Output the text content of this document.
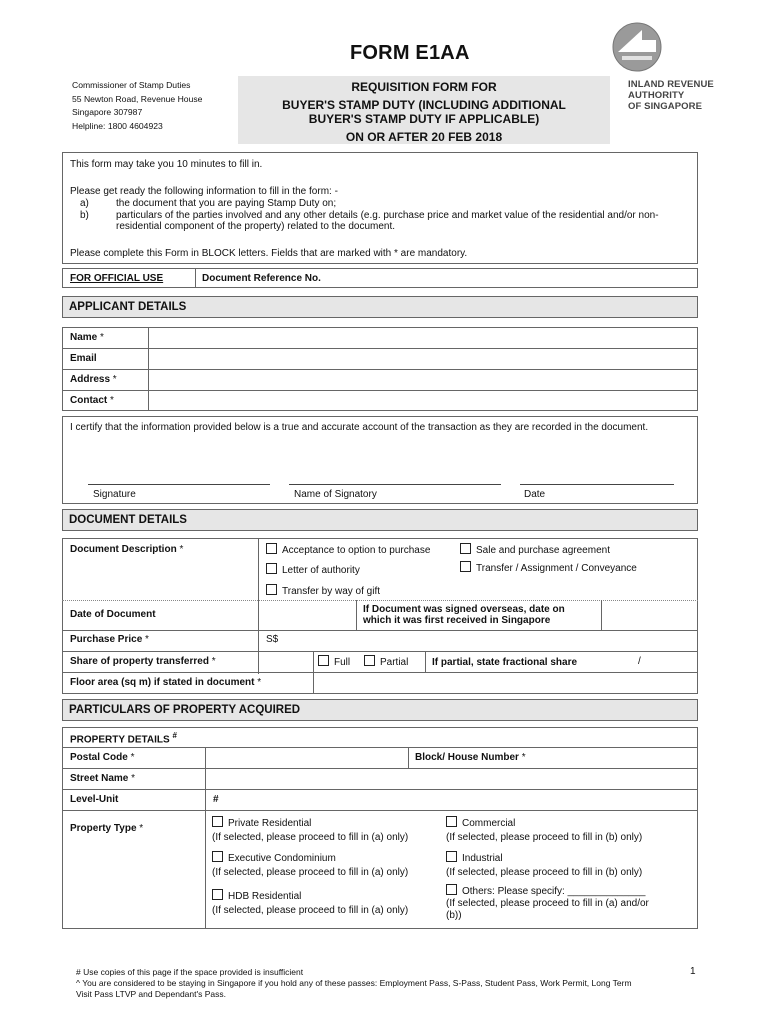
FORM E1AA
Commissioner of Stamp Duties
55 Newton Road, Revenue House
Singapore 307987
Helpline: 1800 4604923
REQUISITION FORM FOR
BUYER'S STAMP DUTY (INCLUDING ADDITIONAL
BUYER'S STAMP DUTY IF APPLICABLE)
ON OR AFTER 20 FEB 2018
INLAND REVENUE
AUTHORITY
OF SINGAPORE
This form may take you 10 minutes to fill in.
Please get ready the following information to fill in the form: -
a)	the document that you are paying Stamp Duty on;
b)	particulars of the parties involved and any other details (e.g. purchase price and market value of the residential and/or non-
residential component of the property) related to the document.
Please complete this Form in BLOCK letters. Fields that are marked with * are mandatory.
FOR OFFICIAL USE	Document Reference No.
APPLICANT DETAILS
Name *
Email
Address *
Contact *
I certify that the information provided below is a true and accurate account of the transaction as they are recorded in the document.
Signature	Name of Signatory	Date
DOCUMENT DETAILS
Document Description *	Acceptance to option to purchase	Sale and purchase agreement
Letter of authority	Transfer / Assignment / Conveyance
Transfer by way of gift
Date of Document	If Document was signed overseas, date on
which it was first received in Singapore
Purchase Price *	S$
Share of property transferred *	Full	Partial If partial, state fractional share	/
Floor area (sq m) if stated in document *
PARTICULARS OF PROPERTY ACQUIRED
PROPERTY DETAILS #
Postal Code *	Block/ House Number *
Street Name *
Level-Unit	#
Property Type *	Private Residential
(If selected, please proceed to fill in (a) only)
Commercial
(If selected, please proceed to fill in (b) only)
Executive Condominium
(If selected, please proceed to fill in (a) only)
Industrial
(If selected, please proceed to fill in (b) only)
HDB Residential
(If selected, please proceed to fill in (a) only)
Others: Please specify: ______________
(If selected, please proceed to fill in (a) and/or
(b))
# Use copies of this page if the space provided is insufficient
^ You are considered to be staying in Singapore if you hold any of these passes: Employment Pass, S-Pass, Student Pass, Work Permit, Long Term
Visit Pass LTVP and Dependant's Pass.
1
